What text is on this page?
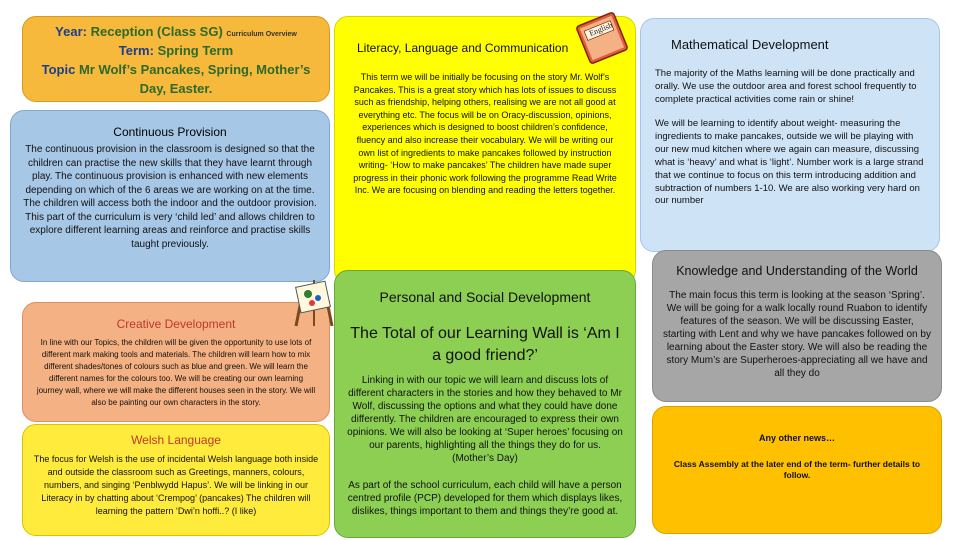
Year: Reception (Class SG) Curriculum Overview
Term: Spring Term
Topic Mr Wolf’s Pancakes, Spring, Mother’s Day, Easter.
Continuous Provision

The continuous provision in the classroom is designed so that the children can practise the new skills that they have learnt through play. The continuous provision is enhanced with new elements depending on which of the 6 areas we are working on at the time. The children will access both the indoor and the outdoor provision. This part of the curriculum is very ‘child led’ and allows children to explore different learning areas and reinforce and practise skills taught previously.

Creative Development

In line with our Topics, the children will be given the opportunity to use lots of different mark making tools and materials. The children will learn how to mix different shades/tones of colours such as blue and green. We will learn the different names for the colours too. We will be creating our own learning journey wall, where we will make the different houses seen in the story. We will also be painting our own characters in the story.

Welsh Language

The focus for Welsh is the use of incidental Welsh language both inside and outside the classroom such as Greetings, manners, colours, numbers, and singing ‘Penblwydd Hapus’. We will be linking in our Literacy in by chatting about ‘Crempog’ (pancakes) The children will learning the pattern ‘Dwi’n hoffi..? (I like)

Literacy, Language and Communication

This term we will be initially be focusing on the story Mr. Wolf’s Pancakes. This is a great story which has lots of issues to discuss such as friendship, helping others, realising we are not all good at everything etc. The focus will be on Oracy-discussion, opinions, experiences which is designed to boost children’s confidence, fluency and also increase their vocabulary. We will be writing our own list of ingredients to make pancakes followed by instruction writing- ‘How to make pancakes’ The children have made super progress in their phonic work following the programme Read Write Inc. We are focusing on blending and reading the letters together.

English
Personal and Social Development

The Total of our Learning Wall is ‘Am I a good friend?’

Linking in with our topic we will learn and discuss lots of different characters in the stories and how they behaved to Mr Wolf, discussing the options and what they could have done differently. The children are encouraged to express their own opinions. We will also be looking at ‘Super heroes’ focusing on our parents, highlighting all the things they do for us. (Mother’s Day)

As part of the school curriculum, each child will have a person centred profile (PCP) developed for them which displays likes, dislikes, things important to them and things they’re good at.

Mathematical Development

The majority of the Maths learning will be done practically and orally. We use the outdoor area and forest school frequently to complete practical activities come rain or shine!

We will be learning to identify about weight- measuring the ingredients to make pancakes, outside we will be playing with our new mud kitchen where we again can measure, discussing what is ‘heavy’ and what is ‘light’. Number work is a large strand that we continue to focus on this term introducing addition and subtraction of numbers 1-10. We are also working very hard on our number

Knowledge and Understanding of the World

The main focus this term is looking at the season ‘Spring’. We will be going for a walk locally round Ruabon to identify features of the season. We will be discussing Easter, starting with Lent and why we have pancakes followed on by learning about the Easter story. We will also be reading the story Mum’s are Superheroes-appreciating all we have and all they do

Any other news…

Class Assembly at the later end of the term- further details to follow.
